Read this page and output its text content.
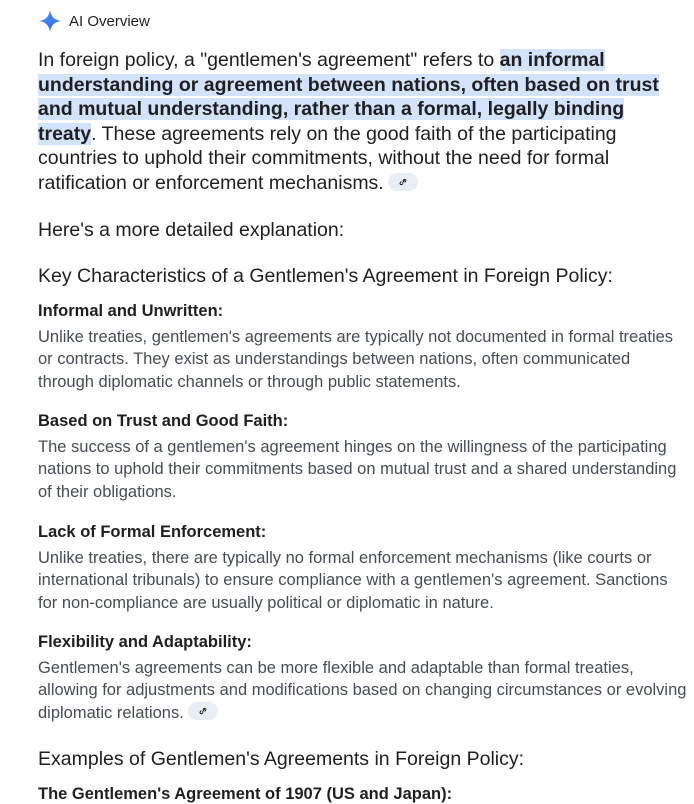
AI Overview
In foreign policy, a "gentlemen's agreement" refers to an informal understanding or agreement between nations, often based on trust and mutual understanding, rather than a formal, legally binding treaty. These agreements rely on the good faith of the participating countries to uphold their commitments, without the need for formal ratification or enforcement mechanisms.
Here's a more detailed explanation:
Key Characteristics of a Gentlemen's Agreement in Foreign Policy:
Informal and Unwritten:
Unlike treaties, gentlemen's agreements are typically not documented in formal treaties or contracts. They exist as understandings between nations, often communicated through diplomatic channels or through public statements.
Based on Trust and Good Faith:
The success of a gentlemen's agreement hinges on the willingness of the participating nations to uphold their commitments based on mutual trust and a shared understanding of their obligations.
Lack of Formal Enforcement:
Unlike treaties, there are typically no formal enforcement mechanisms (like courts or international tribunals) to ensure compliance with a gentlemen's agreement. Sanctions for non-compliance are usually political or diplomatic in nature.
Flexibility and Adaptability:
Gentlemen's agreements can be more flexible and adaptable than formal treaties, allowing for adjustments and modifications based on changing circumstances or evolving diplomatic relations.
Examples of Gentlemen's Agreements in Foreign Policy:
The Gentlemen's Agreement of 1907 (US and Japan):
